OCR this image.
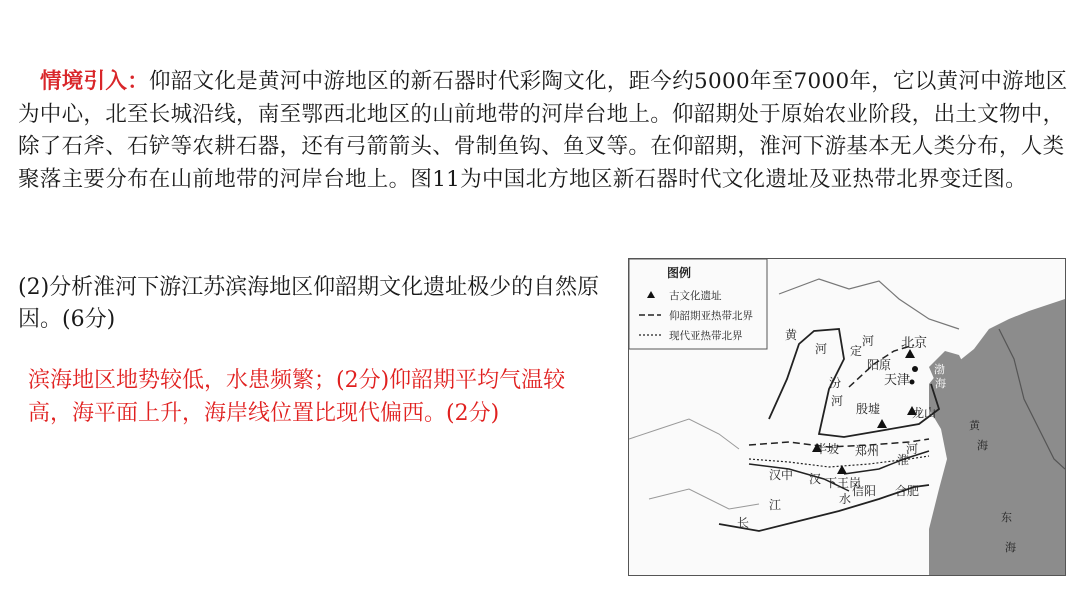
情境引入：仰韶文化是黄河中游地区的新石器时代彩陶文化，距今约5000年至7000年，它以黄河中游地区为中心，北至长城沿线，南至鄂西北地区的山前地带的河岸台地上。仰韶期处于原始农业阶段，出土文物中，除了石斧、石铲等农耕石器，还有弓箭箭头、骨制鱼钩、鱼叉等。在仰韶期，淮河下游基本无人类分布，人类聚落主要分布在山前地带的河岸台地上。图11为中国北方地区新石器时代文化遗址及亚热带北界变迁图。
(2)分析淮河下游江苏滨海地区仰韶期文化遗址极少的自然原因。(6分)
滨海地区地势较低，水患频繁；(2分)仰韶期平均气温较高，海平面上升，海岸线位置比现代偏西。(2分)
图例
古文化遗址
仰韶期亚热带北界
现代亚热带北界	黄
河 定
河 北京
阳原
天津
渤
海
殷墟	龙山
汾
河
半坡 郑州
淮
河
汉中 汉 下王岗
信阳 合肥
水
江
长
黄
海
东
海
